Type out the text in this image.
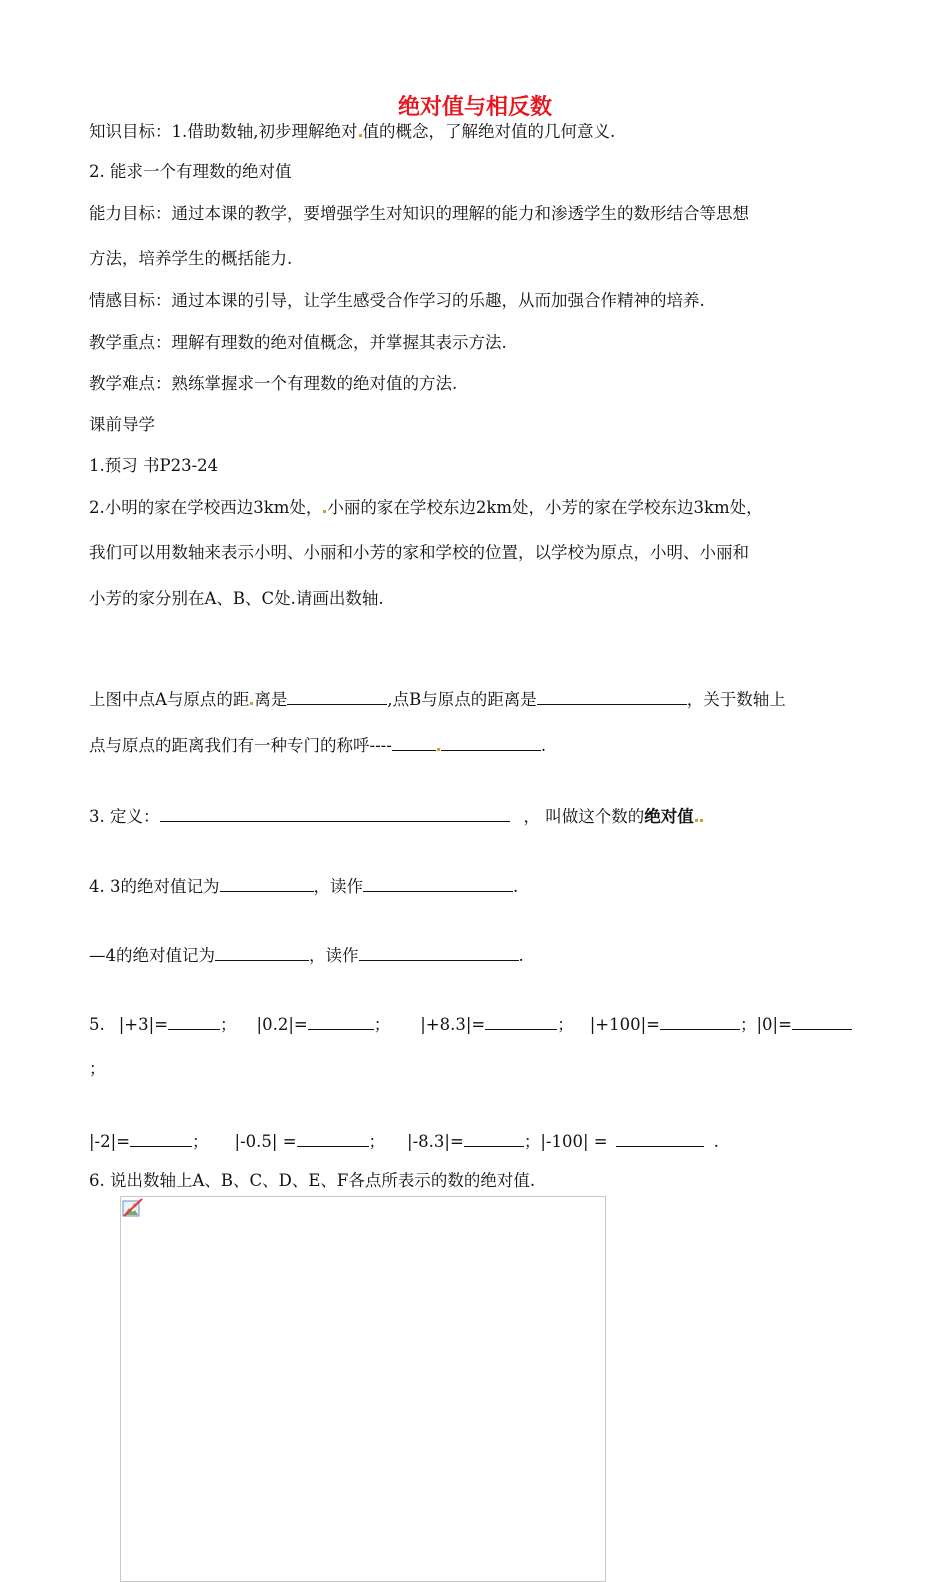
绝对值与相反数
知识目标：1.借助数轴,初步理解绝对 值的概念，了解绝对值的几何意义.
2. 能求一个有理数的绝对值
能力目标：通过本课的教学，要增强学生对知识的理解的能力和渗透学生的数形结合等思想
方法，培养学生的概括能力.
情感目标：通过本课的引导，让学生感受合作学习的乐趣，从而加强合作精神的培养.
教学重点：理解有理数的绝对值概念，并掌握其表示方法.
教学难点：熟练掌握求一个有理数的绝对值的方法.
课前导学
1.预习 书P23-24
2.小明的家在学校西边3km处， 小丽的家在学校东边2km处，小芳的家在学校东边3km处，
我们可以用数轴来表示小明、小丽和小芳的家和学校的位置，以学校为原点，小明、小丽和
小芳的家分别在A、B、C处.请画出数轴.
上图中点A与原点的距 离是	,点B与原点的距离是	，关于数轴上
点与原点的距离我们有一种专门的称呼----	.
3. 定义：	， 叫做这个数的绝对值
4. 3的绝对值记为	，读作	.
—4的绝对值记为	，读作	.
5. |+3|=	； |0.2|=	； |+8.3|=	； |+100|=	；|0|=
；
|-2|=	； |-0.5| =	； |-8.3|=	；|-100| =	.
6. 说出数轴上A、B、C、D、E、F各点所表示的数的绝对值.
